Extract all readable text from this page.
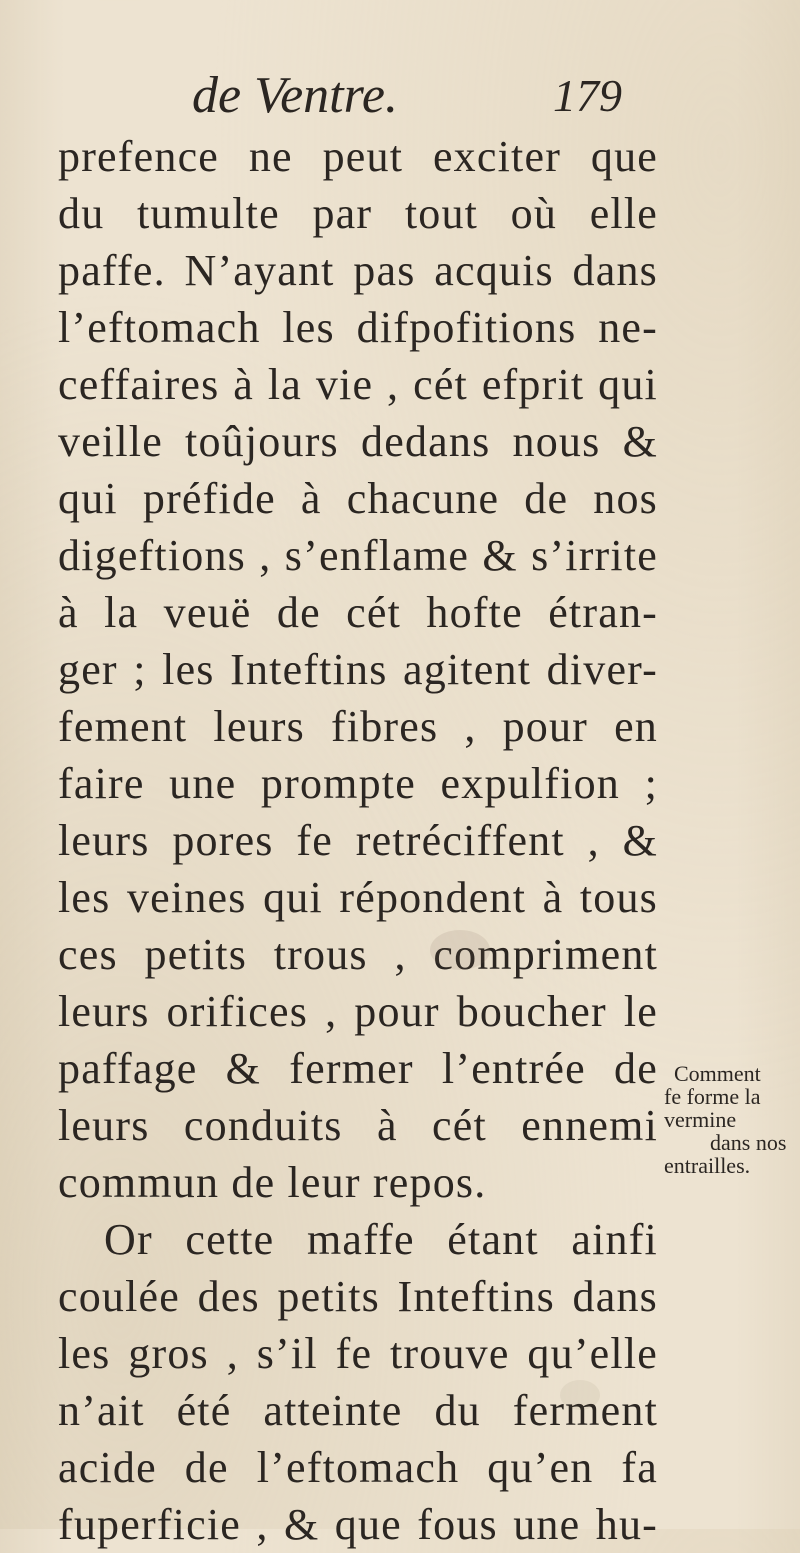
de Ventre.	179
prefence ne peut exciter que
du tumulte par tout où elle
paffe. N’ayant pas acquis dans
l’eftomach les difpofitions ne-
ceffaires à la vie , cét efprit qui
veille toûjours dedans nous &
qui préfide à chacune de nos
digeftions , s’enflame & s’irrite
à la veuë de cét hofte étran-
ger ; les Inteftins agitent diver-
fement leurs fibres , pour en
faire une prompte expulfion ;
leurs pores fe retréciffent , &
les veines qui répondent à tous
ces petits trous , compriment
leurs orifices , pour boucher le
paffage & fermer l’entrée de
leurs conduits à cét ennemi
commun de leur repos.
Or cette maffe étant ainfi
coulée des petits Inteftins dans
les gros , s’il fe trouve qu’elle
n’ait été atteinte du ferment
acide de l’eftomach qu’en fa
fuperficie , & que fous une hu-
Comment
fe forme la
vermine
dans nos
entrailles.
